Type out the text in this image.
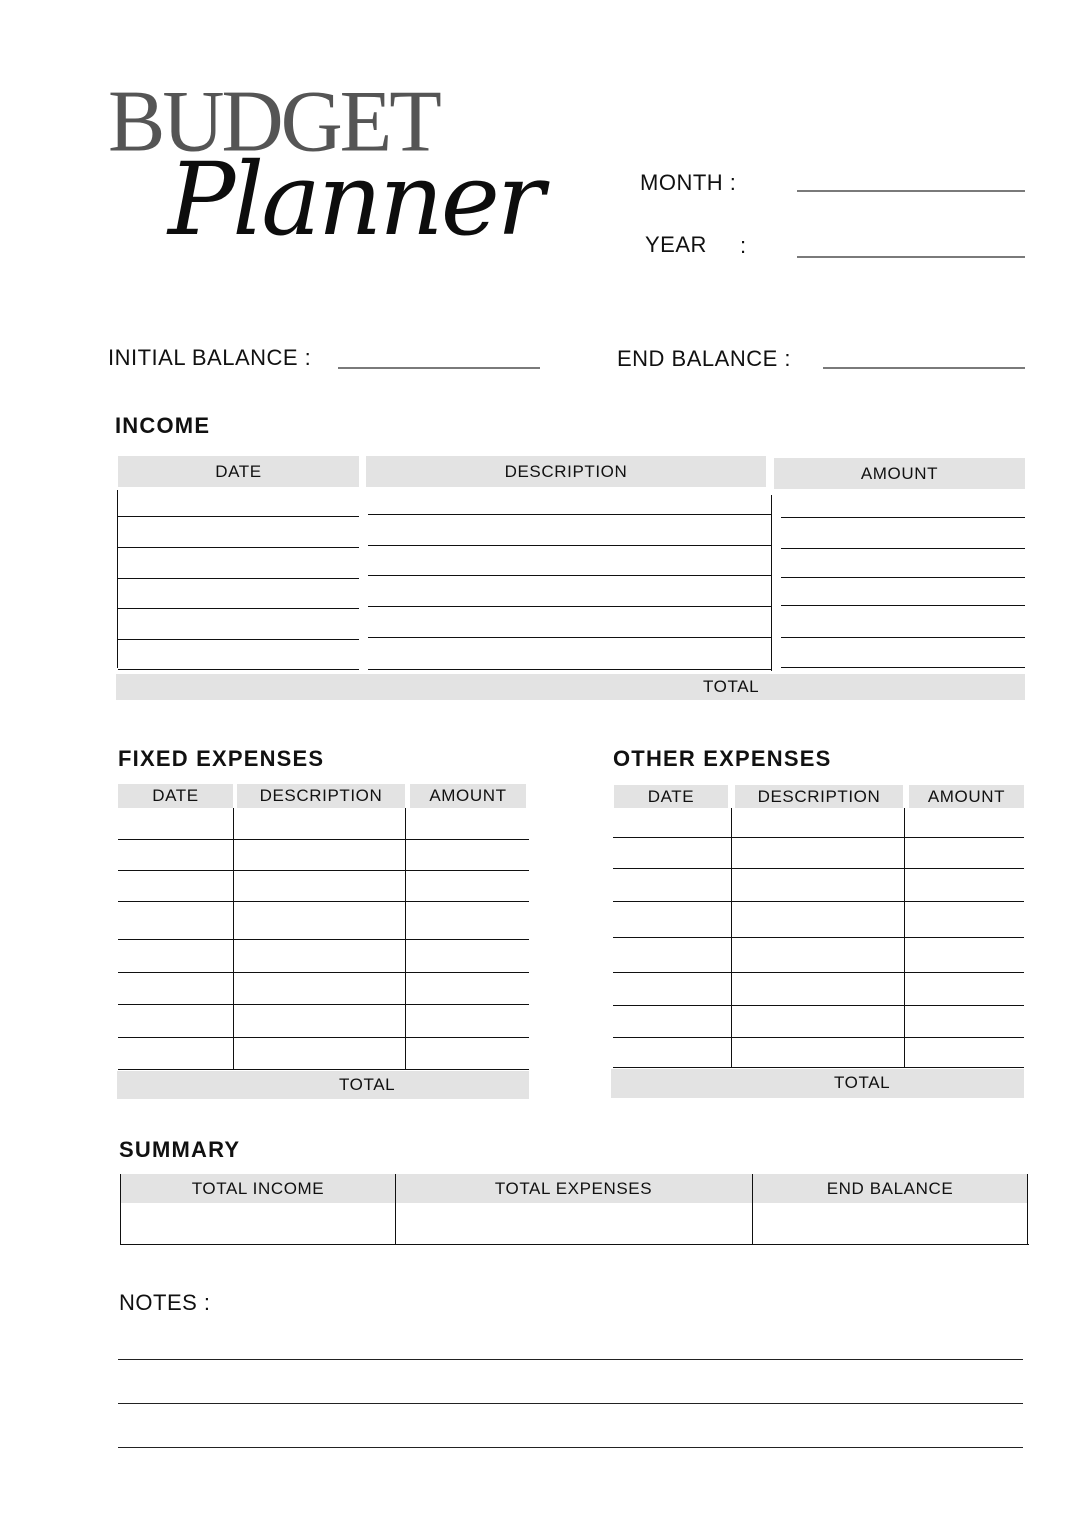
BUDGET
Planner	MONTH :
YEAR :
INITIAL BALANCE :	END BALANCE :
INCOME
DATE	DESCRIPTION	AMOUNT
TOTAL
FIXED EXPENSES
DATE	DESCRIPTION	AMOUNT
TOTAL
OTHER EXPENSES
DATE	DESCRIPTION	AMOUNT
TOTAL
SUMMARY
TOTAL INCOME	TOTAL EXPENSES	END BALANCE
NOTES :
